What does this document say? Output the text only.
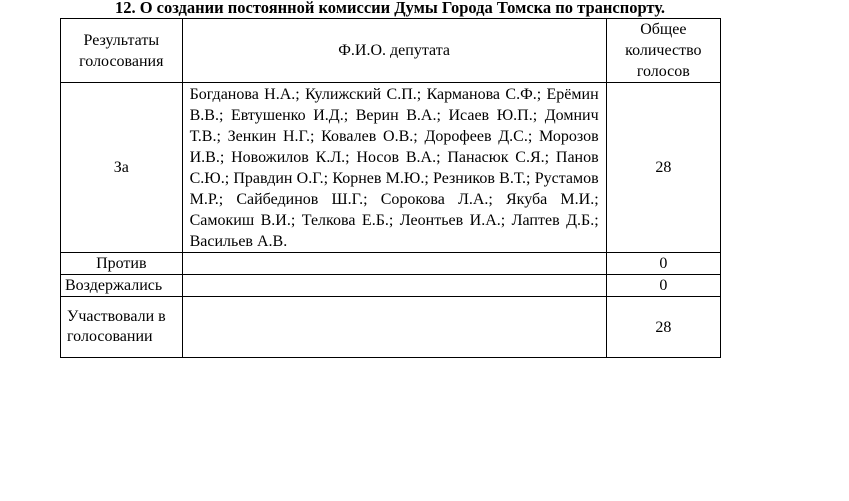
12. О создании постоянной комиссии Думы Города Томска по транспорту.
Результаты голосования	Ф.И.О. депутата	Общее количество голосов
За	Богданова Н.А.; Кулижский С.П.; Карманова С.Ф.; Ерёмин В.В.; Евтушенко И.Д.; Верин В.А.; Исаев Ю.П.; Домнич Т.В.; Зенкин Н.Г.; Ковалев О.В.; Дорофеев Д.С.; Морозов И.В.; Новожилов К.Л.; Носов В.А.; Панасюк С.Я.; Панов С.Ю.; Правдин О.Г.; Корнев М.Ю.; Резников В.Т.; Рустамов М.Р.; Сайбединов Ш.Г.; Сорокова Л.А.; Якуба М.И.; Самокиш В.И.; Телкова Е.Б.; Леонтьев И.А.; Лаптев Д.Б.; Васильев А.В.	28
Против		0
Воздержались		0
Участвовали в голосовании		28
